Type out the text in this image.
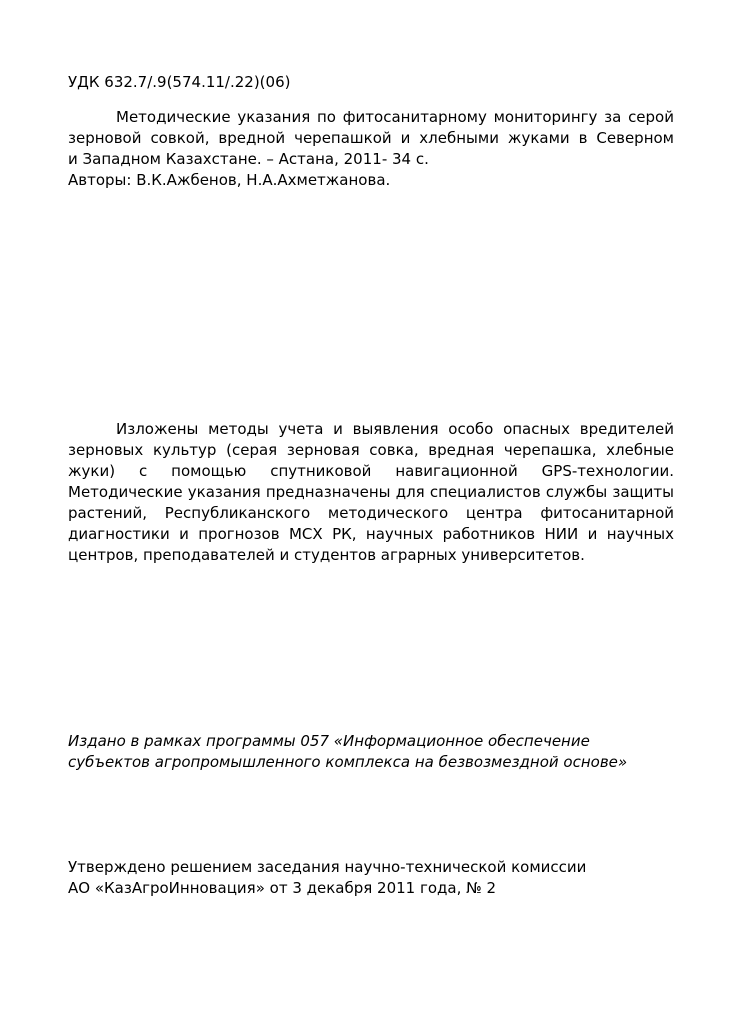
УДК 632.7/.9(574.11/.22)(06)
Методические указания по фитосанитарному мониторингу за серой
зерновой совкой, вредной черепашкой и хлебными жуками в Северном
и Западном Казахстане. – Астана, 2011- 34 с.
Авторы: В.К.Ажбенов, Н.А.Ахметжанова.
Изложены методы учета и выявления особо опасных вредителей
зерновых культур (серая зерновая совка, вредная черепашка, хлебные
жуки) с помощью спутниковой навигационной GPS-технологии.
Методические указания предназначены для специалистов службы защиты
растений, Республиканского методического центра фитосанитарной
диагностики и прогнозов МСХ РК, научных работников НИИ и научных
центров, преподавателей и студентов аграрных университетов.
Издано в рамках программы 057 «Информационное обеспечение
субъектов агропромышленного комплекса на безвозмездной основе»
Утверждено решением заседания научно-технической комиссии
АО «КазАгроИнновация» от 3 декабря 2011 года, № 2
